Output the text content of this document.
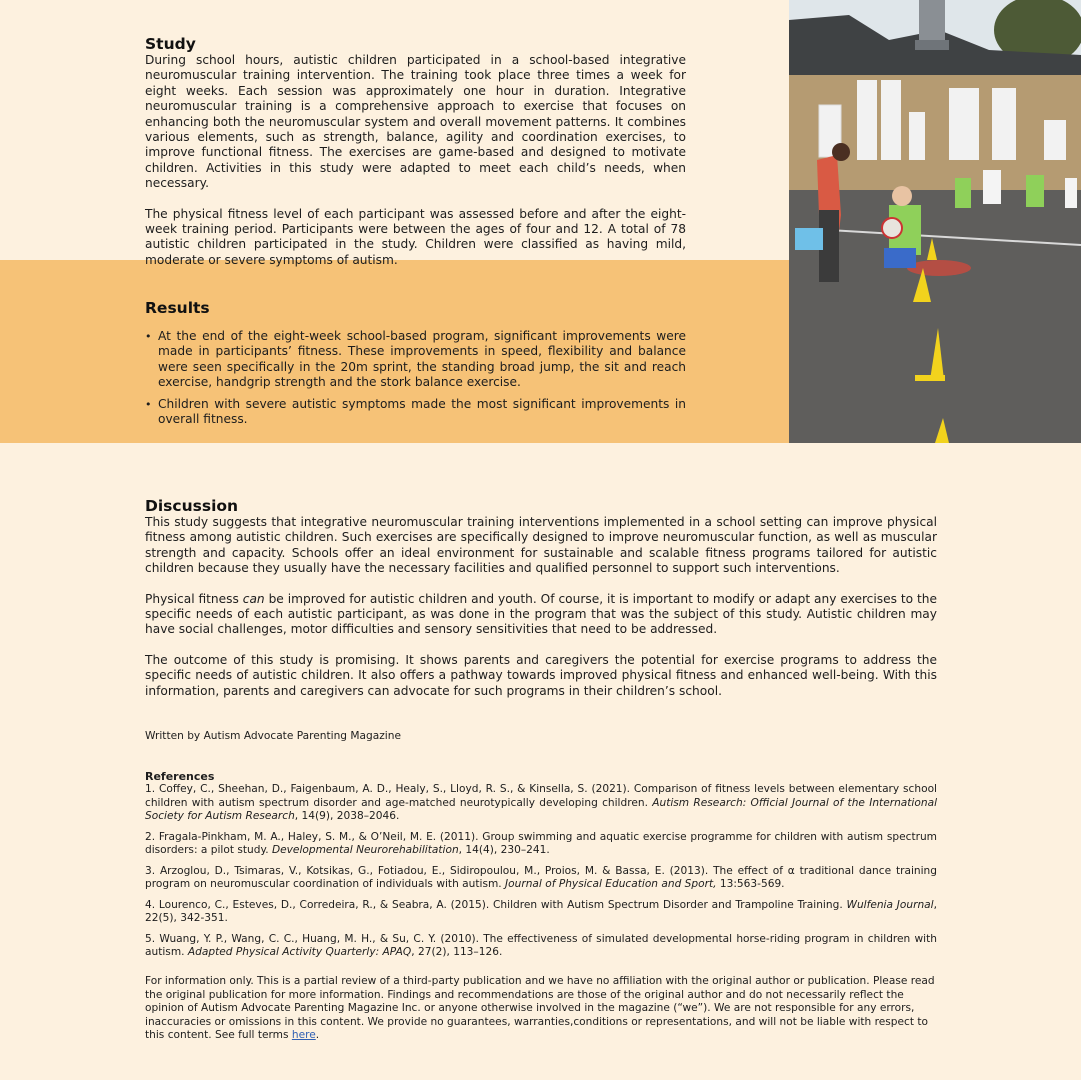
Study

During school hours, autistic children participated in a school-based integrative neuromuscular training intervention. The training took place three times a week for eight weeks. Each session was approximately one hour in duration. Integrative neuromuscular training is a comprehensive approach to exercise that focuses on enhancing both the neuromuscular system and overall movement patterns. It combines various elements, such as strength, balance, agility and coordination exercises, to improve functional fitness. The exercises are game-based and designed to motivate children. Activities in this study were adapted to meet each child’s needs, when necessary.

The physical fitness level of each participant was assessed before and after the eight-week training period. Participants were between the ages of four and 12. A total of 78 autistic children participated in the study. Children were classified as having mild, moderate or severe symptoms of autism.

Results
• At the end of the eight-week school-based program, significant improvements were made in participants’ fitness. These improvements in speed, flexibility and balance were seen specifically in the 20m sprint, the standing broad jump, the sit and reach exercise, handgrip strength and the stork balance exercise.
• Children with severe autistic symptoms made the most significant improvements in overall fitness.
Discussion

This study suggests that integrative neuromuscular training interventions implemented in a school setting can improve physical fitness among autistic children. Such exercises are specifically designed to improve neuromuscular function, as well as muscular strength and capacity. Schools offer an ideal environment for sustainable and scalable fitness programs tailored for autistic children because they usually have the necessary facilities and qualified personnel to support such interventions.

Physical fitness can be improved for autistic children and youth. Of course, it is important to modify or adapt any exercises to the specific needs of each autistic participant, as was done in the program that was the subject of this study. Autistic children may have social challenges, motor difficulties and sensory sensitivities that need to be addressed.

The outcome of this study is promising. It shows parents and caregivers the potential for exercise programs to address the specific needs of autistic children. It also offers a pathway towards improved physical fitness and enhanced well-being. With this information, parents and caregivers can advocate for such programs in their children’s school.

Written by Autism Advocate Parenting Magazine
References

1. Coffey, C., Sheehan, D., Faigenbaum, A. D., Healy, S., Lloyd, R. S., & Kinsella, S. (2021). Comparison of fitness levels between elementary school children with autism spectrum disorder and age-matched neurotypically developing children. Autism Research: Official Journal of the International Society for Autism Research, 14(9), 2038–2046.

2. Fragala-Pinkham, M. A., Haley, S. M., & O’Neil, M. E. (2011). Group swimming and aquatic exercise programme for children with autism spectrum disorders: a pilot study. Developmental Neurorehabilitation, 14(4), 230–241.

3. Arzoglou, D., Tsimaras, V., Kotsikas, G., Fotiadou, E., Sidiropoulou, M., Proios, M. & Bassa, E. (2013). The effect of α traditional dance training program on neuromuscular coordination of individuals with autism. Journal of Physical Education and Sport, 13:563-569.

4. Lourenco, C., Esteves, D., Corredeira, R., & Seabra, A. (2015). Children with Autism Spectrum Disorder and Trampoline Training. Wulfenia Journal, 22(5), 342-351.

5. Wuang, Y. P., Wang, C. C., Huang, M. H., & Su, C. Y. (2010). The effectiveness of simulated developmental horse-riding program in children with autism. Adapted Physical Activity Quarterly: APAQ, 27(2), 113–126.

For information only. This is a partial review of a third-party publication and we have no affiliation with the original author or publication. Please read the original publication for more information. Findings and recommendations are those of the original author and do not necessarily reflect the opinion of Autism Advocate Parenting Magazine Inc. or anyone otherwise involved in the magazine (“we”). We are not responsible for any errors, inaccuracies or omissions in this content. We provide no guarantees, warranties,conditions or representations, and will not be liable with respect to this content. See full terms here.
